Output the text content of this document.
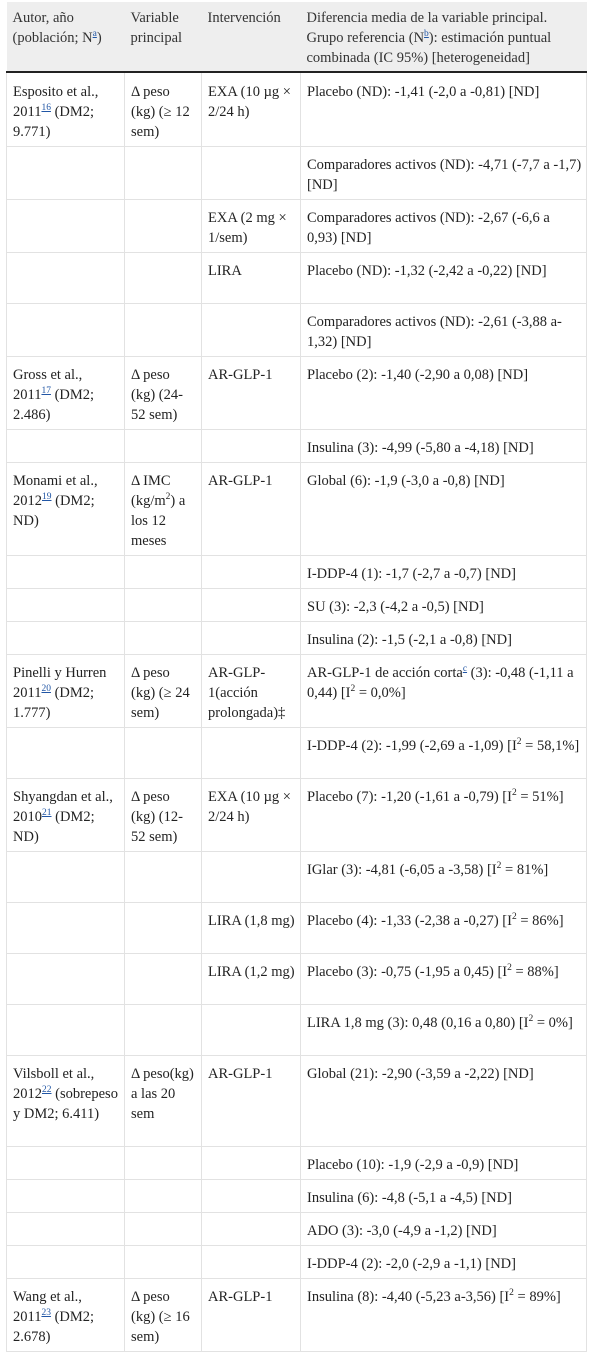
Autor, año (población; $N^a$)	Variable principal	Intervención	Diferencia media de la variable principal. Grupo referencia $(N^b)$: estimación puntual combinada (IC 95%) [heterogeneidad]
Esposito et al., 2011$^{16}$ (DM2; 9.771)	Δ peso (kg) (≥ 12 sem)	EXA (10 µg × 2/24 h)	Placebo (ND): -1,41 (-2,0 a -0,81) [ND]
			Comparadores activos (ND): -4,71 (-7,7 a -1,7) [ND]
		EXA (2 mg × 1/sem)	Comparadores activos (ND): -2,67 (-6,6 a 0,93) [ND]
		LIRA	Placebo (ND): -1,32 (-2,42 a -0,22) [ND]
			Comparadores activos (ND): -2,61 (-3,88 a-1,32) [ND]
Gross et al., 2011$^{17}$ (DM2; 2.486)	Δ peso (kg) (24-52 sem)	AR-GLP-1	Placebo (2): -1,40 (-2,90 a 0,08) [ND]
			Insulina (3): -4,99 (-5,80 a -4,18) [ND]
Monami et al., 2012$^{19}$ (DM2; ND)	Δ IMC $(kg/m^2)$ a los 12 meses	AR-GLP-1	Global (6): -1,9 (-3,0 a -0,8) [ND]
			I-DDP-4 (1): -1,7 (-2,7 a -0,7) [ND]
			SU (3): -2,3 (-4,2 a -0,5) [ND]
			Insulina (2): -1,5 (-2,1 a -0,8) [ND]
Pinelli y Hurren 2011$^{20}$ (DM2; 1.777)	Δ peso (kg) (≥ 24 sem)	AR-GLP-1(acción prolongada)‡	AR-GLP-1 de acción corta$^c$ (3): -0,48 (-1,11 a 0,44) $[I^2 = 0,0\%]$
			I-DDP-4 (2): -1,99 (-2,69 a -1,09) $[I^2 = 58,1\%]$
Shyangdan et al., 2010$^{21}$ (DM2; ND)	Δ peso (kg) (12-52 sem)	EXA (10 µg × 2/24 h)	Placebo (7): -1,20 (-1,61 a -0,79) $[I^2 = 51\%]$
			IGlar (3): -4,81 (-6,05 a -3,58) $[I^2 = 81\%]$
		LIRA (1,8 mg)	Placebo (4): -1,33 (-2,38 a -0,27) $[I^2 = 86\%]$
		LIRA (1,2 mg)	Placebo (3): -0,75 (-1,95 a 0,45) $[I^2 = 88\%]$
			LIRA 1,8 mg (3): 0,48 (0,16 a 0,80) $[I^2 = 0\%]$
Vilsboll et al., 2012$^{22}$ (sobrepeso y DM2; 6.411)	Δ peso(kg) a las 20 sem	AR-GLP-1	Global (21): -2,90 (-3,59 a -2,22) [ND]
			Placebo (10): -1,9 (-2,9 a -0,9) [ND]
			Insulina (6): -4,8 (-5,1 a -4,5) [ND]
			ADO (3): -3,0 (-4,9 a -1,2) [ND]
			I-DDP-4 (2): -2,0 (-2,9 a -1,1) [ND]
Wang et al., 2011$^{23}$ (DM2; 2.678)	Δ peso (kg) (≥ 16 sem)	AR-GLP-1	Insulina (8): -4,40 (-5,23 a-3,56) $[I^2 = 89\%]$
